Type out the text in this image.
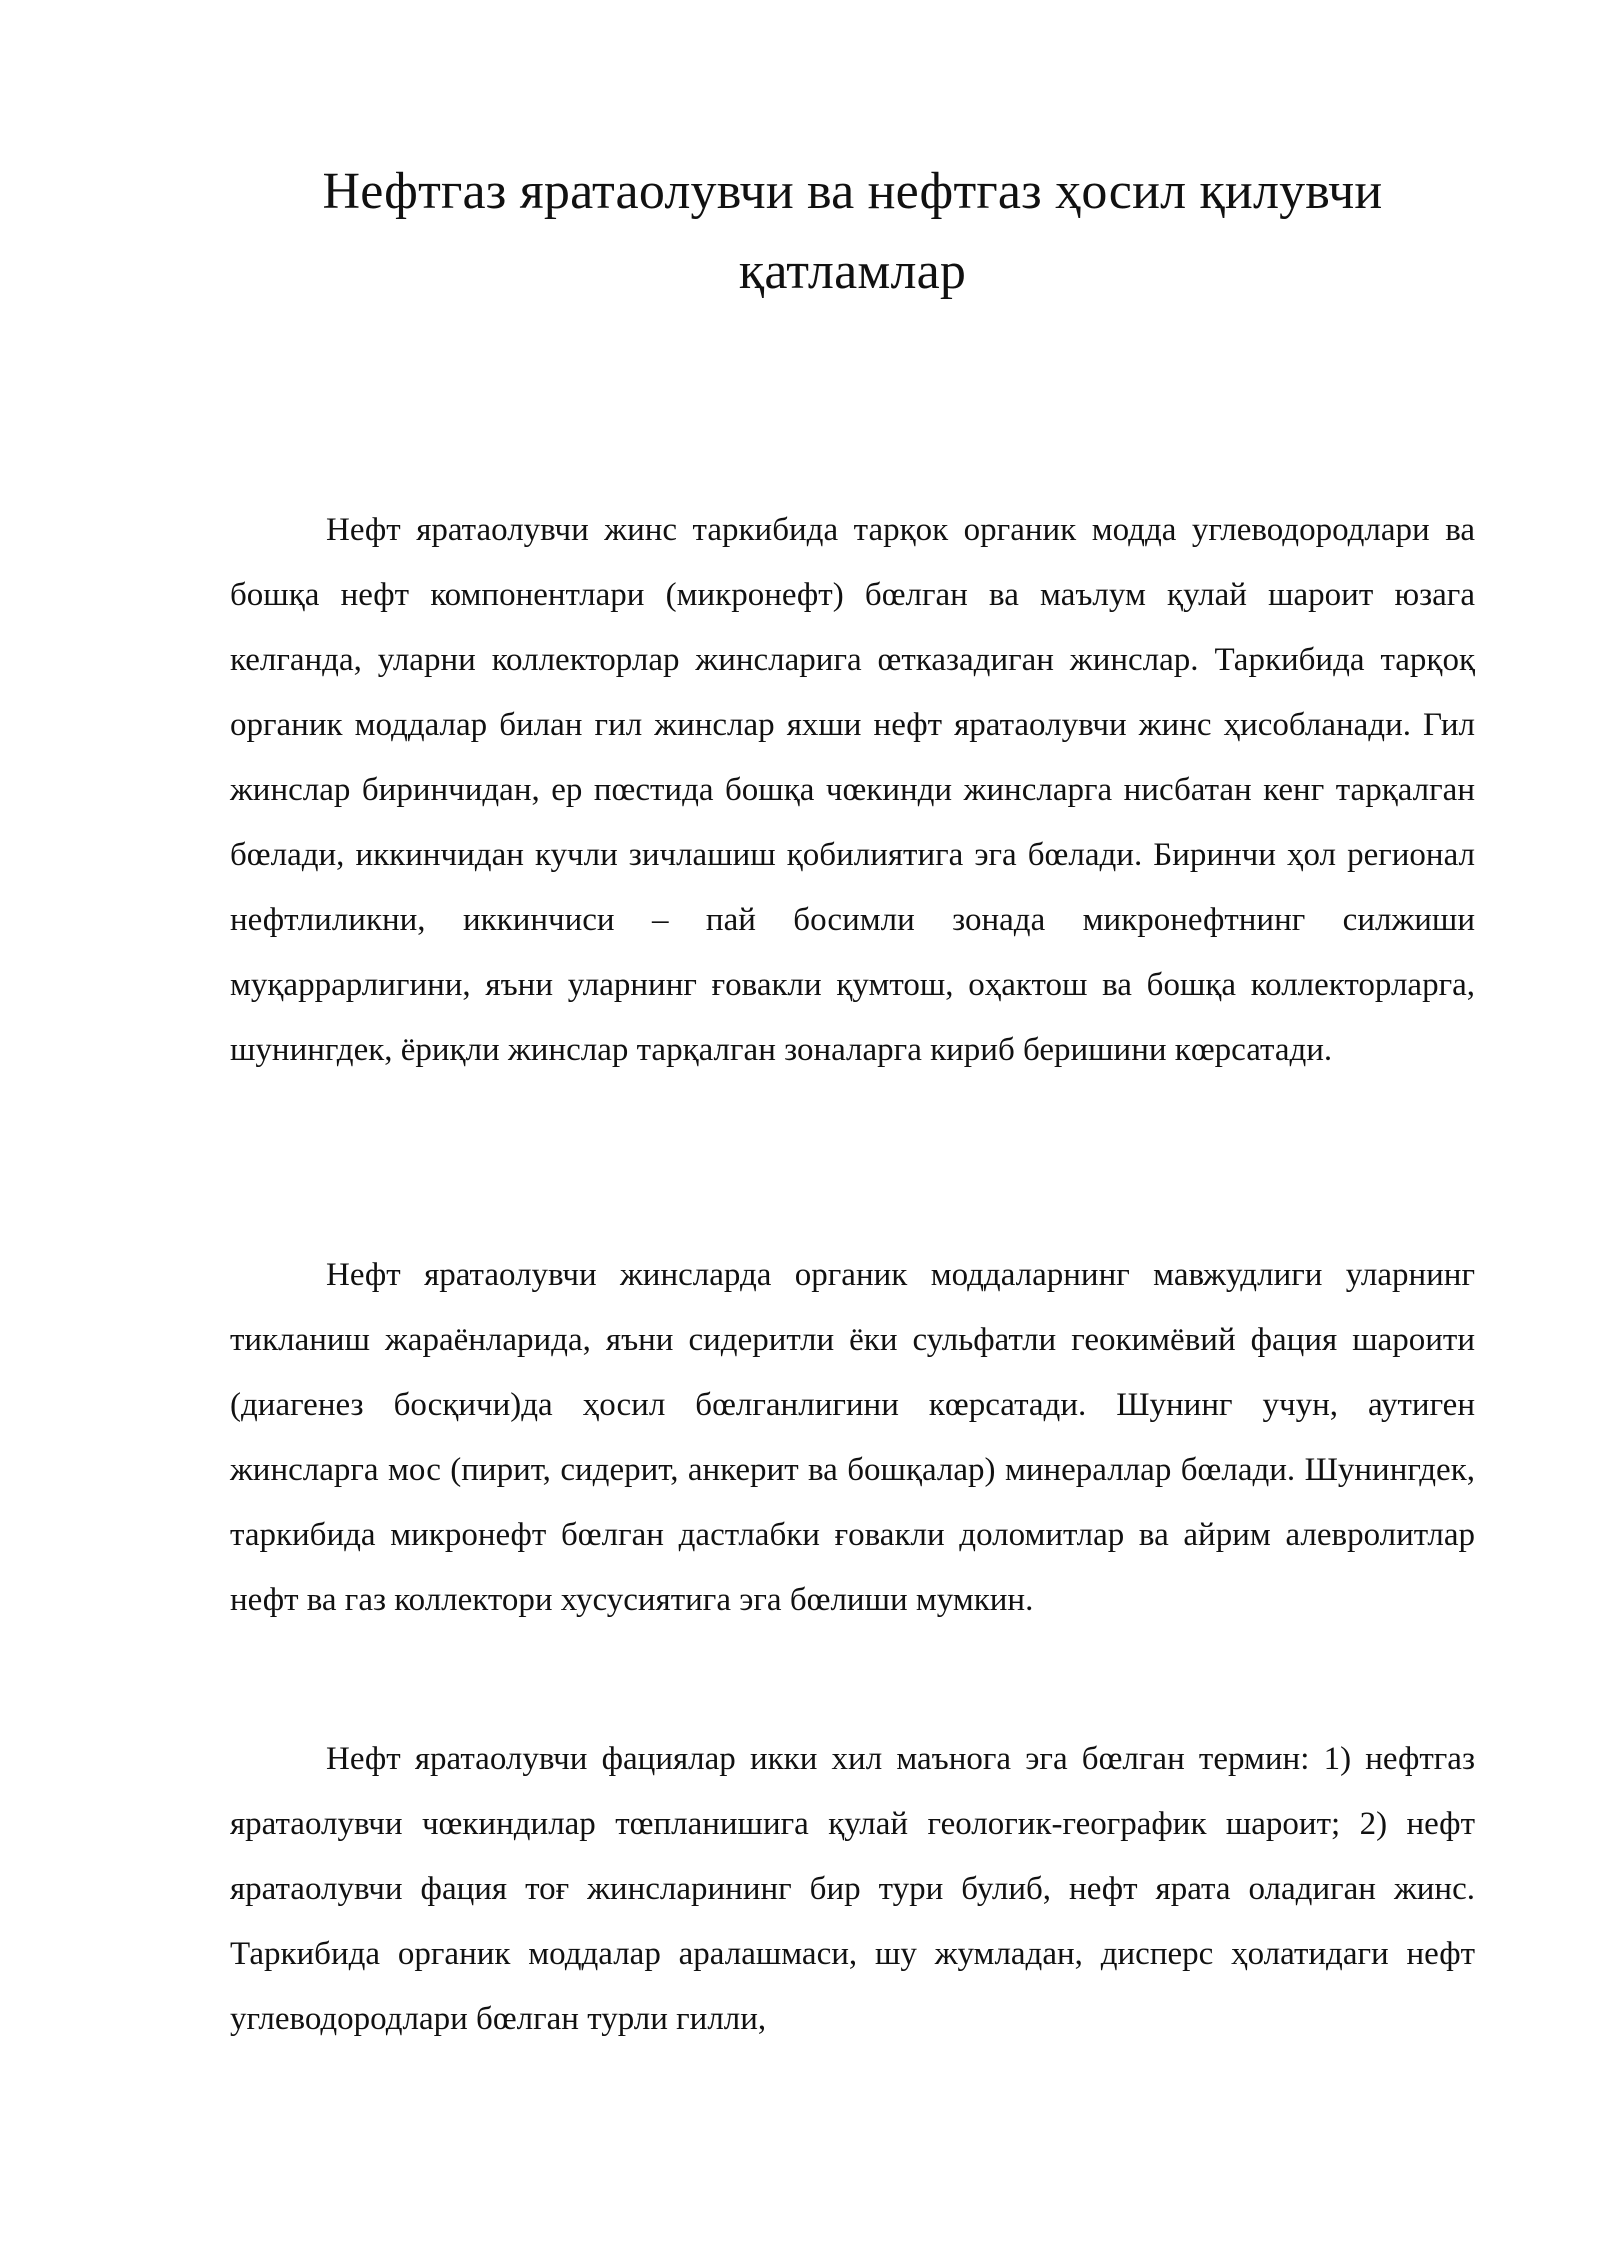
Нефтгаз яратаолувчи ва нефтгаз ҳосил қилувчи қатламлар

Нефт яратаолувчи жинс таркибида тарқок органик модда углеводородлари ва бошқа нефт компонентлари (микронефт) бœлган ва маълум қулай шароит юзага келганда, уларни коллекторлар жинсларига œтказадиган жинслар. Таркибида тарқоқ органик моддалар билан гил жинслар яхши нефт яратаолувчи жинс ҳисобланади. Гил жинслар биринчидан, ер пœстида бошқа чœкинди жинсларга нисбатан кенг тарқалган бœлади, иккинчидан кучли зичлашиш қобилиятига эга бœлади. Биринчи ҳол регионал нефтлиликни, иккинчиси – пай босимли зонада микронефтнинг силжиши муқаррарлигини, яъни уларнинг ғовакли қумтош, оҳактош ва бошқа коллекторларга, шунингдек, ёриқли жинслар тарқалган зоналарга кириб беришини кœрсатади.

Нефт яратаолувчи жинсларда органик моддаларнинг мавжудлиги уларнинг тикланиш жараёнларида, яъни сидеритли ёки сульфатли геокимёвий фация шароити (диагенез босқичи)да ҳосил бœлганлигини кœрсатади. Шунинг учун, аутиген жинсларга мос (пирит, сидерит, анкерит ва бошқалар) минераллар бœлади. Шунингдек, таркибида микронефт бœлган дастлабки ғовакли доломитлар ва айрим алевролитлар нефт ва газ коллектори хусусиятига эга бœлиши мумкин.

Нефт яратаолувчи фациялар икки хил маънога эга бœлган термин: 1) нефтгаз яратаолувчи чœкиндилар тœпланишига қулай геологик-географик шароит; 2) нефт яратаолувчи фация тоғ жинсларининг бир тури булиб, нефт ярата оладиган жинс. Таркибида органик моддалар аралашмаси, шу жумладан, дисперс ҳолатидаги нефт углеводородлари бœлган турли гилли,
